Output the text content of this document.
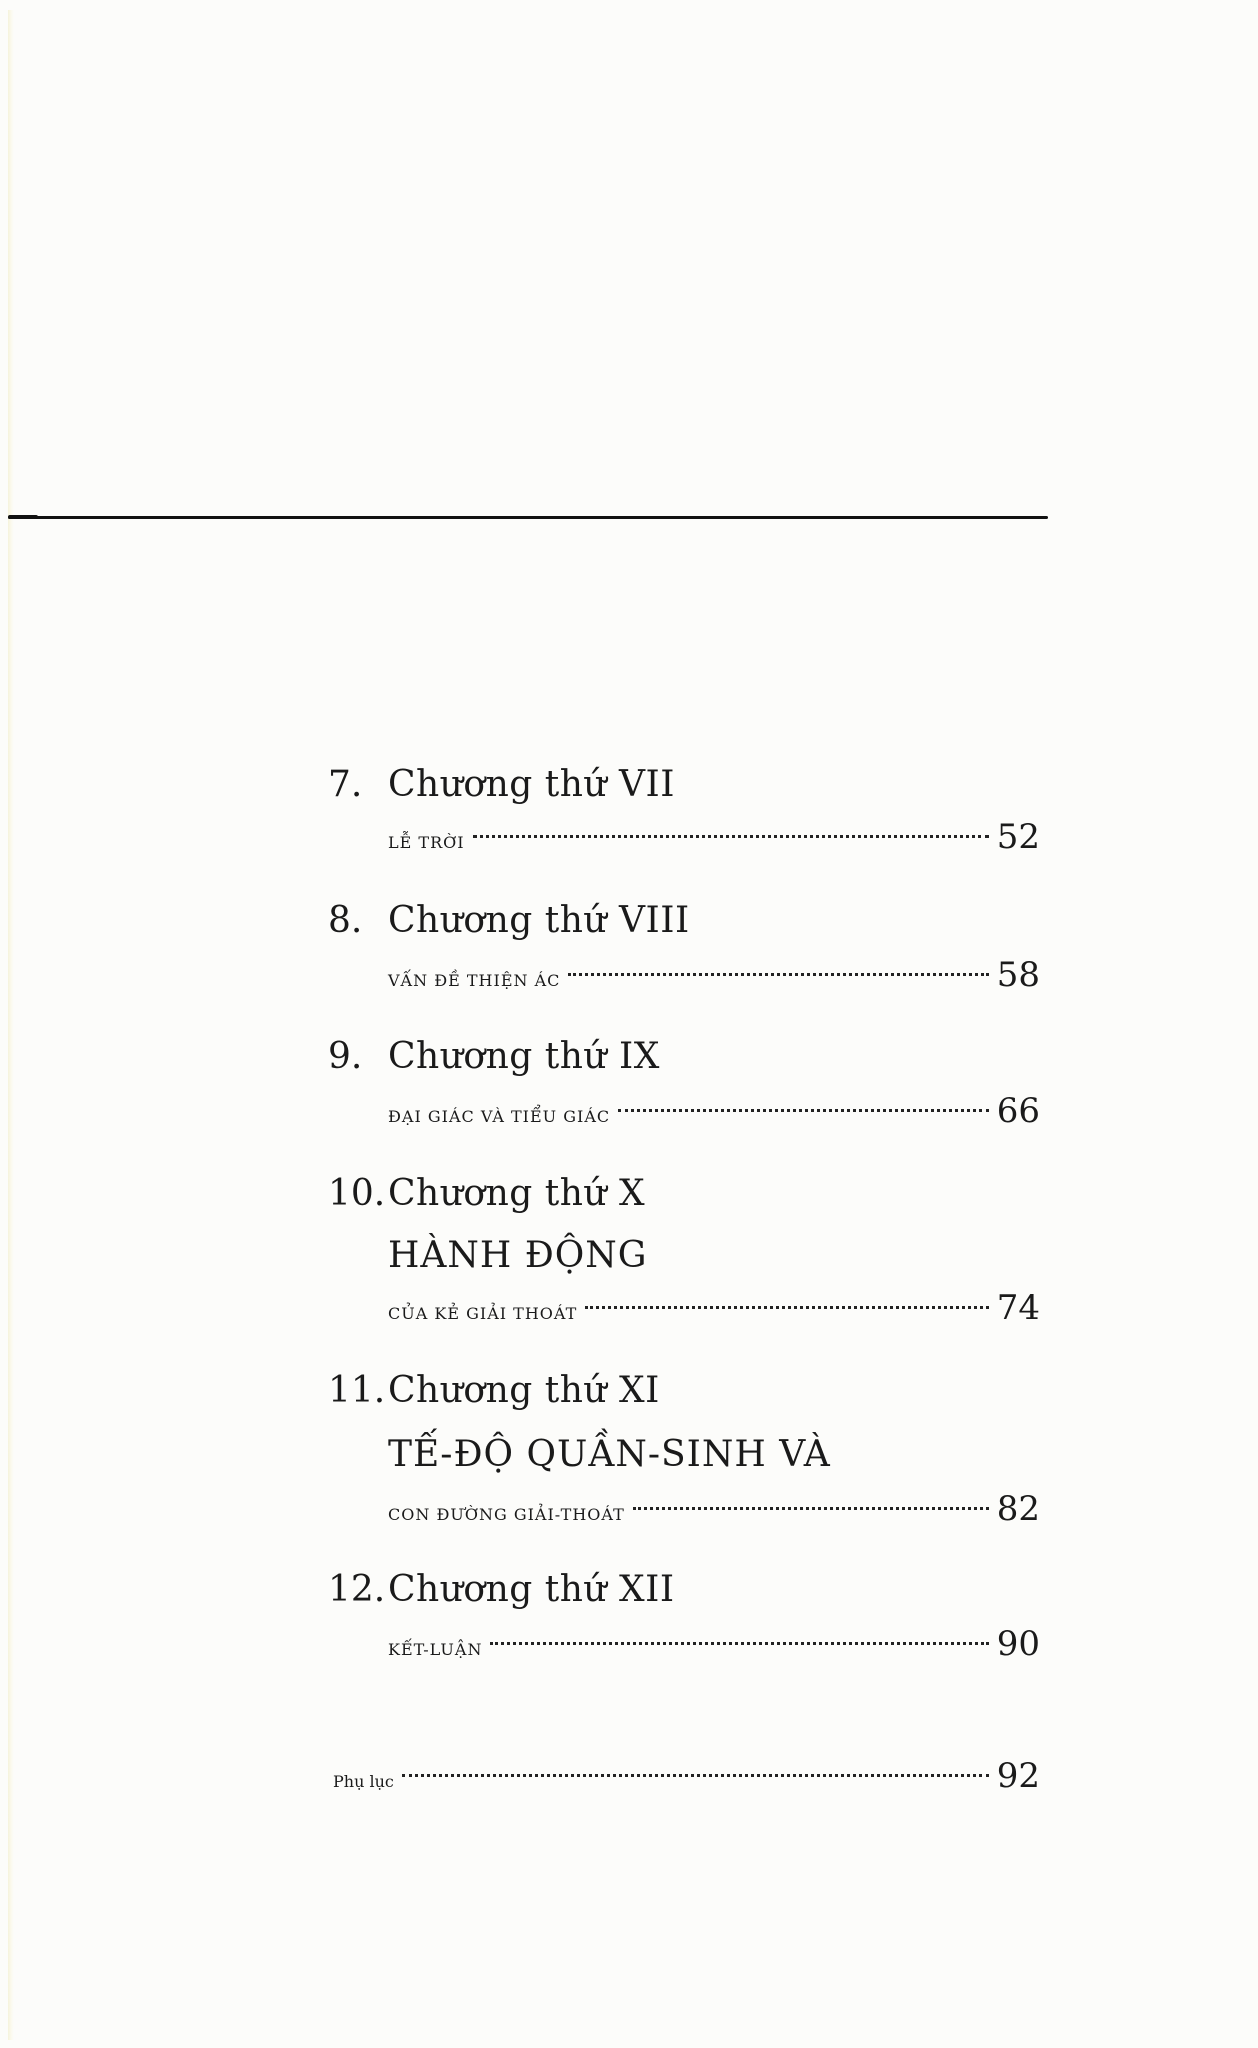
7. Chương thứ VII
LỄ TRỜI	52
8. Chương thứ VIII
VẤN ĐỀ THIỆN ÁC	58
9. Chương thứ IX
ĐẠI GIÁC VÀ TIỂU GIÁC	66
10. Chương thứ X
HÀNH ĐỘNG
CỦA KẺ GIẢI THOÁT	74
11. Chương thứ XI
TẾ-ĐỘ QUẦN-SINH VÀ
CON ĐƯỜNG GIẢI-THOÁT	82
12. Chương thứ XII
KẾT-LUẬN	90
Phụ lục	92
